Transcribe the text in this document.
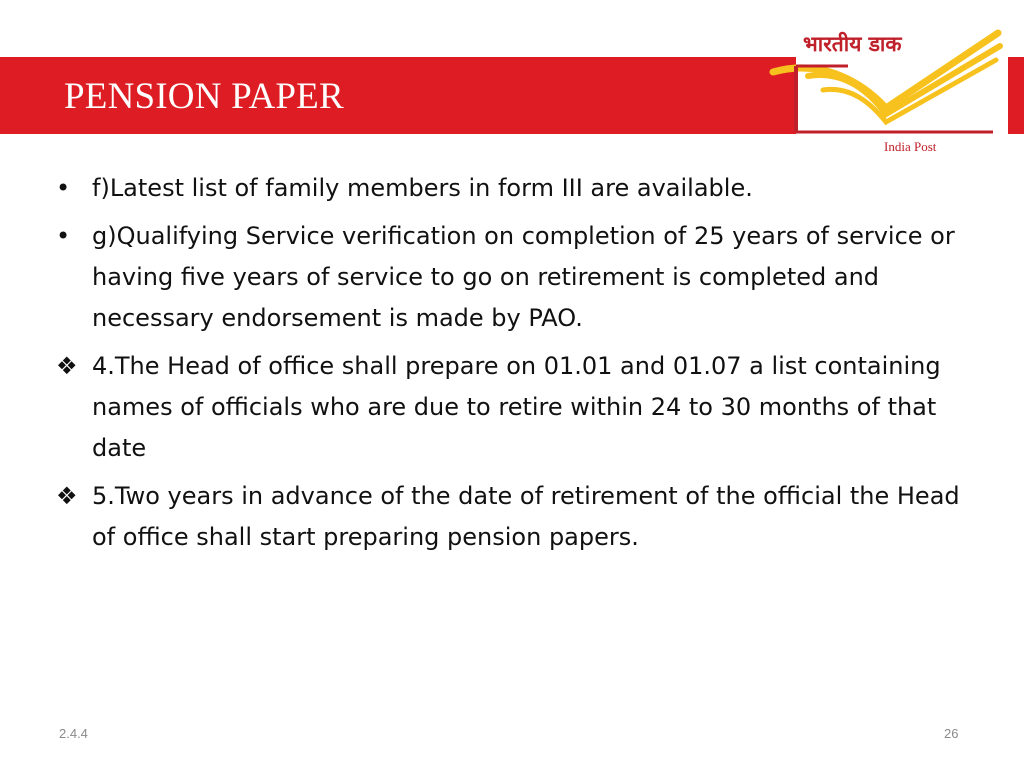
PENSION PAPER
भारतीय डाक
India Post
• f)Latest list of family members in form III are available.
• g)Qualifying Service verification on completion of 25 years of service or having five years of service to go on retirement is completed and necessary endorsement is made by PAO.
❖ 4.The Head of office shall prepare on 01.01 and 01.07 a list containing names of officials who are due to retire within 24 to 30 months of that date
❖ 5.Two years in advance of the date of retirement of the official the Head of office shall start preparing pension papers.
2.4.4	26
